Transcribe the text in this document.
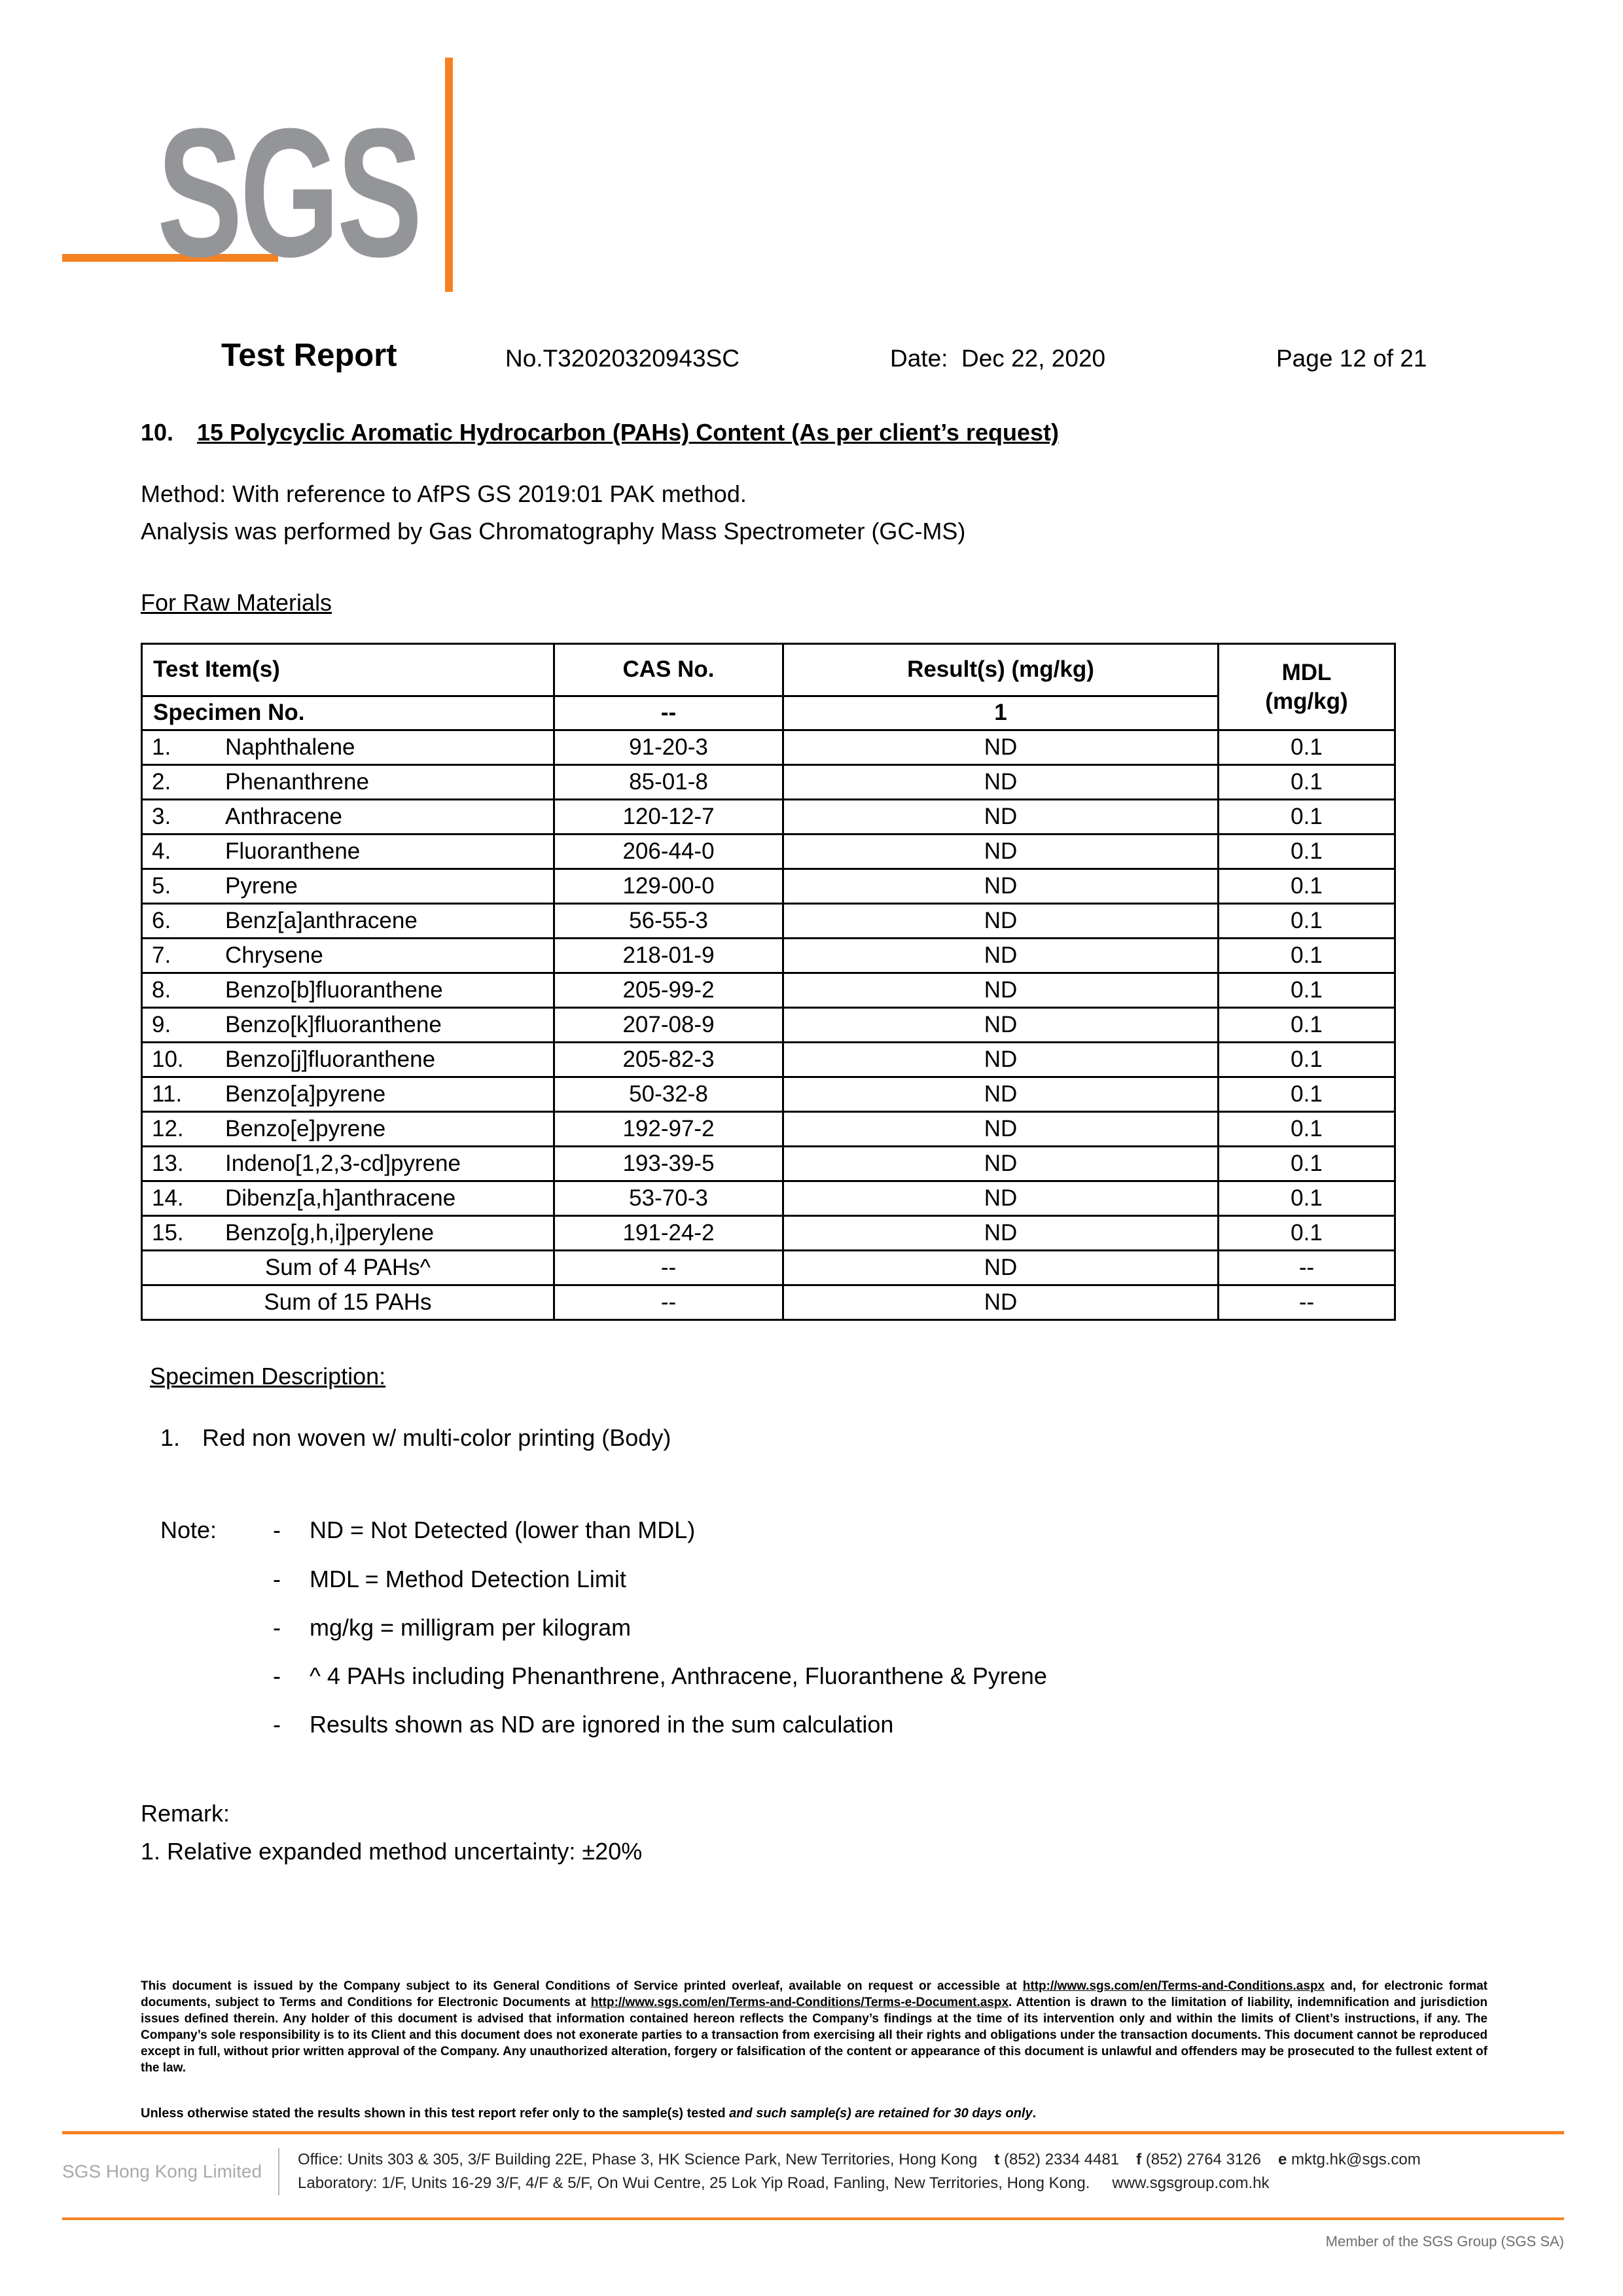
SGS
Test Report	No.T32020320943SC	Date: Dec 22, 2020	Page 12 of 21
10. 15 Polycyclic Aromatic Hydrocarbon (PAHs) Content (As per client’s request)
Method: With reference to AfPS GS 2019:01 PAK method.
Analysis was performed by Gas Chromatography Mass Spectrometer (GC-MS)
For Raw Materials
Test Item(s)	CAS No.	Result(s) (mg/kg)	MDL
(mg/kg)
Specimen No.	--	1	
1. Naphthalene	91-20-3	ND	0.1
2. Phenanthrene	85-01-8	ND	0.1
3. Anthracene	120-12-7	ND	0.1
4. Fluoranthene	206-44-0	ND	0.1
5. Pyrene	129-00-0	ND	0.1
6. Benz[a]anthracene	56-55-3	ND	0.1
7. Chrysene	218-01-9	ND	0.1
8. Benzo[b]fluoranthene	205-99-2	ND	0.1
9. Benzo[k]fluoranthene	207-08-9	ND	0.1
10. Benzo[j]fluoranthene	205-82-3	ND	0.1
11. Benzo[a]pyrene	50-32-8	ND	0.1
12. Benzo[e]pyrene	192-97-2	ND	0.1
13. Indeno[1,2,3-cd]pyrene	193-39-5	ND	0.1
14. Dibenz[a,h]anthracene	53-70-3	ND	0.1
15. Benzo[g,h,i]perylene	191-24-2	ND	0.1
Sum of 4 PAHs^	--	ND	--
Sum of 15 PAHs	--	ND	--
Specimen Description:
1. Red non woven w/ multi-color printing (Body)
Note:	-	ND = Not Detected (lower than MDL)
-	MDL = Method Detection Limit
-	mg/kg = milligram per kilogram
-	^ 4 PAHs including Phenanthrene, Anthracene, Fluoranthene & Pyrene
-	Results shown as ND are ignored in the sum calculation
Remark:
1. Relative expanded method uncertainty: ±20%

This document is issued by the Company subject to its General Conditions of Service printed overleaf, available on request or accessible at http://www.sgs.com/en/Terms-and-Conditions.aspx and, for electronic format documents, subject to Terms and Conditions for Electronic Documents at http://www.sgs.com/en/Terms-and-Conditions/Terms-e-Document.aspx. Attention is drawn to the limitation of liability, indemnification and jurisdiction issues defined therein. Any holder of this document is advised that information contained hereon reflects the Company’s findings at the time of its intervention only and within the limits of Client’s instructions, if any. The Company’s sole responsibility is to its Client and this document does not exonerate parties to a transaction from exercising all their rights and obligations under the transaction documents. This document cannot be reproduced except in full, without prior written approval of the Company. Any unauthorized alteration, forgery or falsification of the content or appearance of this document is unlawful and offenders may be prosecuted to the fullest extent of the law.

Unless otherwise stated the results shown in this test report refer only to the sample(s) tested and such sample(s) are retained for 30 days only.

SGS Hong Kong Limited
Office: Units 303 & 305, 3/F Building 22E, Phase 3, HK Science Park, New Territories, Hong Kong t (852) 2334 4481 f (852) 2764 3126 e mktg.hk@sgs.com
Laboratory: 1/F, Units 16-29 3/F, 4/F & 5/F, On Wui Centre, 25 Lok Yip Road, Fanling, New Territories, Hong Kong. www.sgsgroup.com.hk
Member of the SGS Group (SGS SA)
